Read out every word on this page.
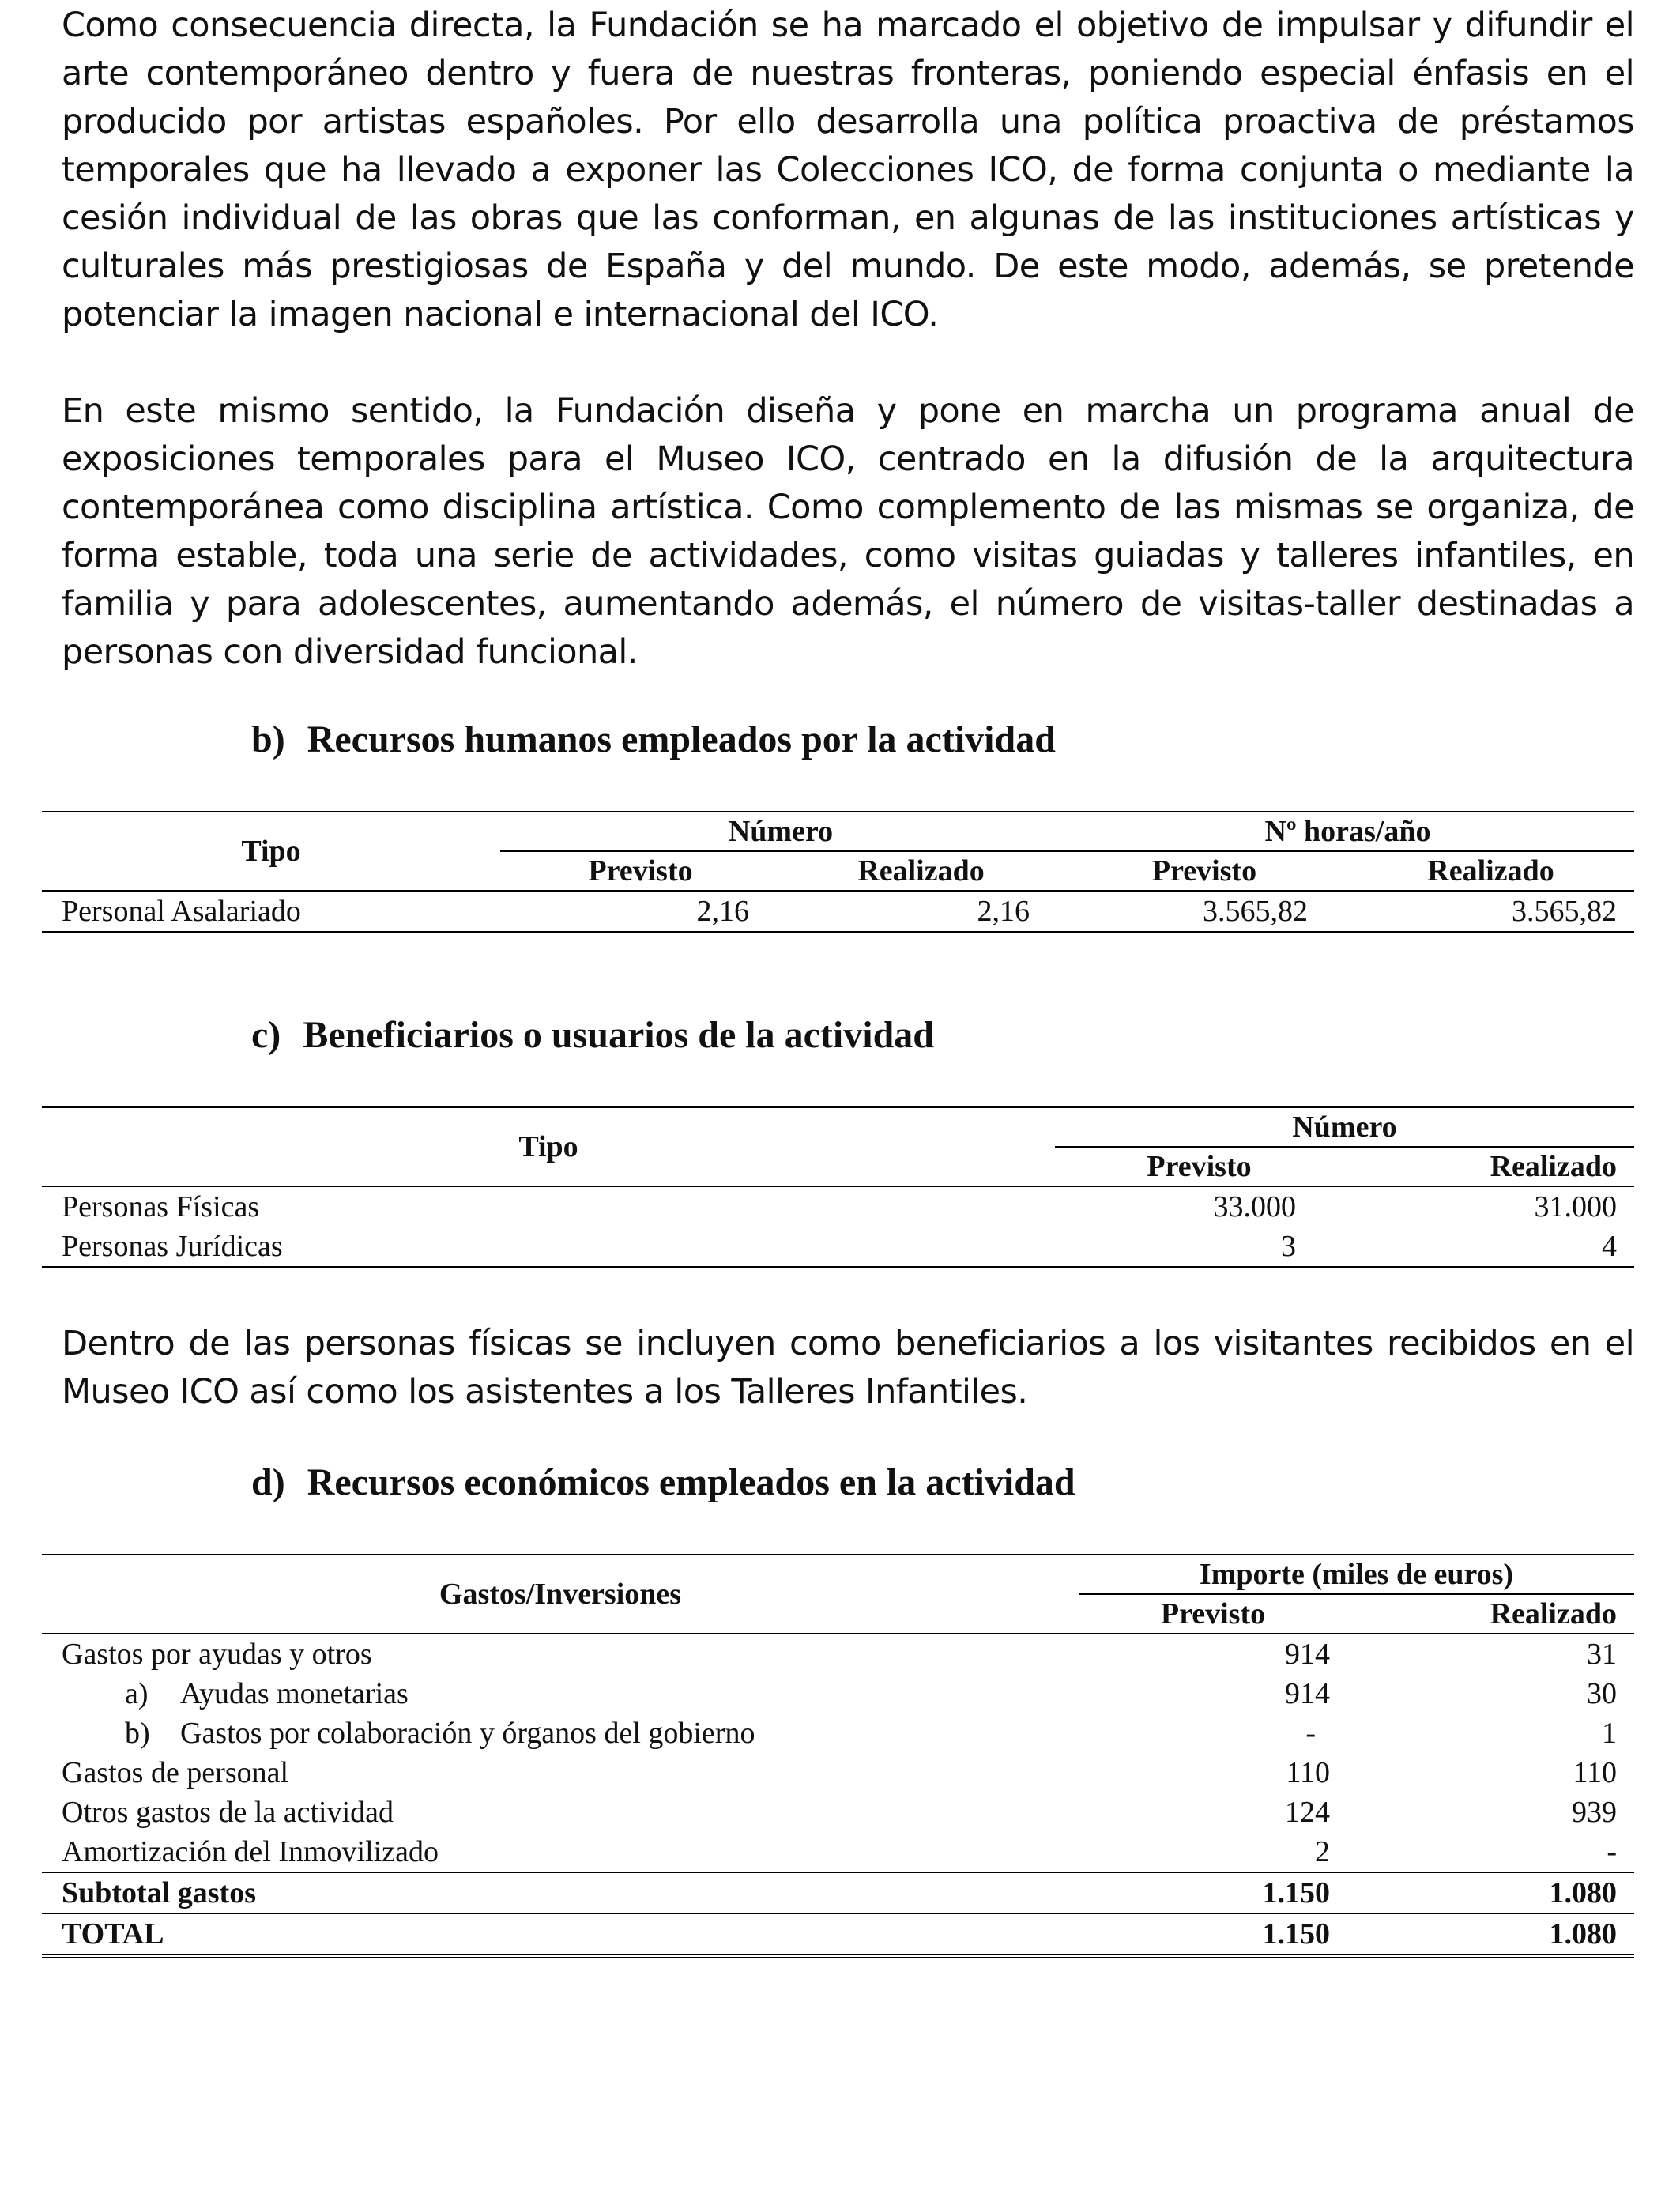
Como consecuencia directa, la Fundación se ha marcado el objetivo de impulsar y difundir el arte contemporáneo dentro y fuera de nuestras fronteras, poniendo especial énfasis en el producido por artistas españoles. Por ello desarrolla una política proactiva de préstamos temporales que ha llevado a exponer las Colecciones ICO, de forma conjunta o mediante la cesión individual de las obras que las conforman, en algunas de las instituciones artísticas y culturales más prestigiosas de España y del mundo. De este modo, además, se pretende potenciar la imagen nacional e internacional del ICO.

En este mismo sentido, la Fundación diseña y pone en marcha un programa anual de exposiciones temporales para el Museo ICO, centrado en la difusión de la arquitectura contemporánea como disciplina artística. Como complemento de las mismas se organiza, de forma estable, toda una serie de actividades, como visitas guiadas y talleres infantiles, en familia y para adolescentes, aumentando además, el número de visitas-taller destinadas a personas con diversidad funcional.

b) Recursos humanos empleados por la actividad
Tipo	Número		Nº horas/año	
	Previsto	Realizado	Previsto	Realizado
Personal Asalariado	2,16	2,16	3.565,82	3.565,82
c) Beneficiarios o usuarios de la actividad
Tipo	Número	
	Previsto	Realizado
Personas Físicas	33.000	31.000
Personas Jurídicas	3	4

Dentro de las personas físicas se incluyen como beneficiarios a los visitantes recibidos en el Museo ICO así como los asistentes a los Talleres Infantiles.

d) Recursos económicos empleados en la actividad
Gastos/Inversiones	Importe (miles de euros)	
	Previsto	Realizado
Gastos por ayudas y otros	914	31
a) Ayudas monetarias	914	30
b) Gastos por colaboración y órganos del gobierno	-	1
Gastos de personal	110	110
Otros gastos de la actividad	124	939
Amortización del Inmovilizado	2	-
Subtotal gastos	1.150	1.080
TOTAL	1.150	1.080
